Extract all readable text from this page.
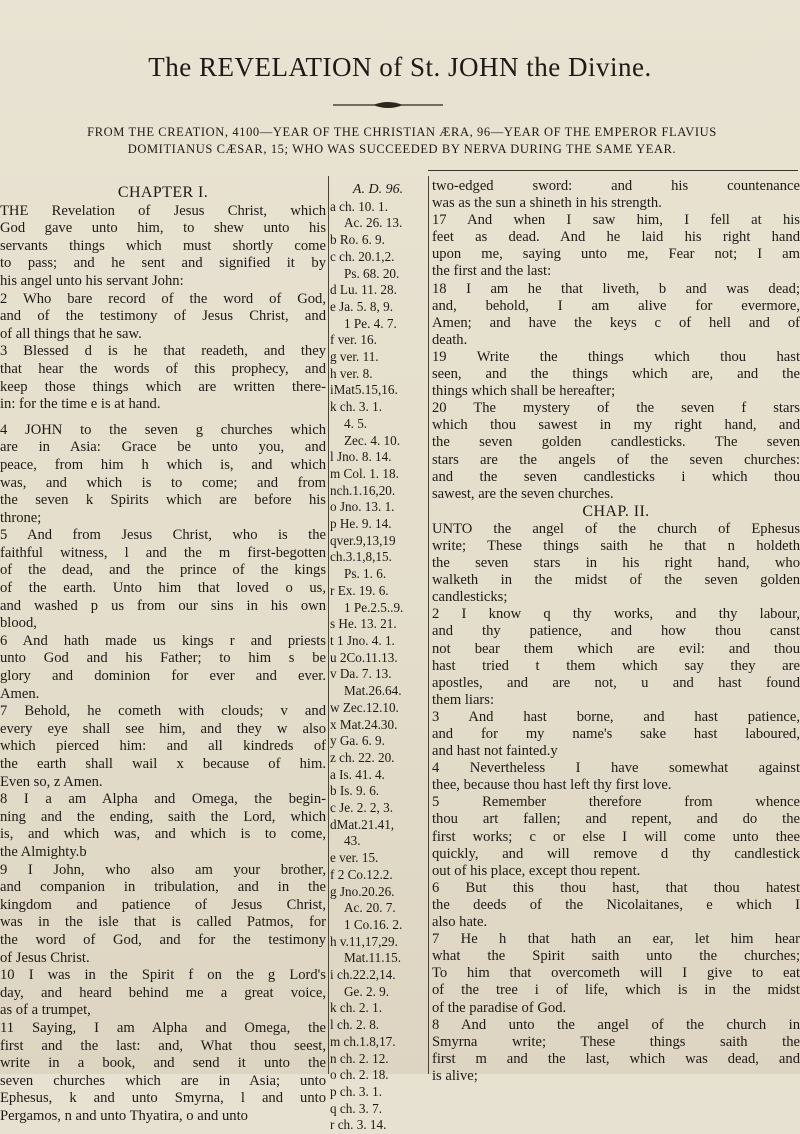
The REVELATION of St. JOHN the Divine.
FROM THE CREATION, 4100—YEAR OF THE CHRISTIAN ÆRA, 96—YEAR OF THE EMPEROR FLAVIUS
DOMITIANUS CÆSAR, 15; WHO WAS SUCCEEDED BY NERVA DURING THE SAME YEAR.
CHAPTER I.
THE Revelation of Jesus Christ, which
God gave unto him, to shew unto his
servants things which must shortly come
to pass; and he sent and signified it by
his angel unto his servant John:
2 Who bare record of the word of God,
and of the testimony of Jesus Christ, and
of all things that he saw.
3 Blessed d is he that readeth, and they
that hear the words of this prophecy, and
keep those things which are written there-
in: for the time e is at hand.
4 JOHN to the seven g churches which
are in Asia: Grace be unto you, and
peace, from him h which is, and which
was, and which is to come; and from
the seven k Spirits which are before his
throne;
5 And from Jesus Christ, who is the
faithful witness, l and the m first-begotten
of the dead, and the prince of the kings
of the earth. Unto him that loved o us,
and washed p us from our sins in his own
blood,
6 And hath made us kings r and priests
unto God and his Father; to him s be
glory and dominion for ever and ever.
Amen.
7 Behold, he cometh with clouds; v and
every eye shall see him, and they w also
which pierced him: and all kindreds of
the earth shall wail x because of him.
Even so, z Amen.
8 I a am Alpha and Omega, the begin-
ning and the ending, saith the Lord, which
is, and which was, and which is to come,
the Almighty.b
9 I John, who also am your brother,
and companion in tribulation, and in the
kingdom and patience of Jesus Christ,
was in the isle that is called Patmos, for
the word of God, and for the testimony
of Jesus Christ.
10 I was in the Spirit f on the g Lord's
day, and heard behind me a great voice,
as of a trumpet,
11 Saying, I am Alpha and Omega, the
first and the last: and, What thou seest,
write in a book, and send it unto the
seven churches which are in Asia; unto
Ephesus, k and unto Smyrna, l and unto
Pergamos, n and unto Thyatira, o and unto
A. D. 96.
a ch. 10. 1.
Ac. 26. 13.
b Ro. 6. 9.
c ch. 20.1,2.
Ps. 68. 20.
d Lu. 11. 28.
e Ja. 5. 8, 9.
1 Pe. 4. 7.
f ver. 16.
g ver. 11.
h ver. 8.
iMat5.15,16.
k ch. 3. 1.
4. 5.
Zec. 4. 10.
l Jno. 8. 14.
m Col. 1. 18.
nch.1.16,20.
o Jno. 13. 1.
p He. 9. 14.
qver.9,13,19
ch.3.1,8,15.
Ps. 1. 6.
r Ex. 19. 6.
1 Pe.2.5..9.
s He. 13. 21.
t 1 Jno. 4. 1.
u 2Co.11.13.
v Da. 7. 13.
Mat.26.64.
w Zec.12.10.
x Mat.24.30.
y Ga. 6. 9.
z ch. 22. 20.
a Is. 41. 4.
b Is. 9. 6.
c Je. 2. 2, 3.
dMat.21.41,
43.
e ver. 15.
f 2 Co.12.2.
g Jno.20.26.
Ac. 20. 7.
1 Co.16. 2.
h v.11,17,29.
Mat.11.15.
i ch.22.2,14.
Ge. 2. 9.
k ch. 2. 1.
l ch. 2. 8.
m ch.1.8,17.
n ch. 2. 12.
o ch. 2. 18.
p ch. 3. 1.
q ch. 3. 7.
r ch. 3. 14.
two-edged sword: and his countenance
was as the sun a shineth in his strength.
17 And when I saw him, I fell at his
feet as dead. And he laid his right hand
upon me, saying unto me, Fear not; I am
the first and the last:
18 I am he that liveth, b and was dead;
and, behold, I am alive for evermore,
Amen; and have the keys c of hell and of
death.
19 Write the things which thou hast
seen, and the things which are, and the
things which shall be hereafter;
20 The mystery of the seven f stars
which thou sawest in my right hand, and
the seven golden candlesticks. The seven
stars are the angels of the seven churches:
and the seven candlesticks i which thou
sawest, are the seven churches.
CHAP. II.
UNTO the angel of the church of Ephesus
write; These things saith he that n holdeth
the seven stars in his right hand, who
walketh in the midst of the seven golden
candlesticks;
2 I know q thy works, and thy labour,
and thy patience, and how thou canst
not bear them which are evil: and thou
hast tried t them which say they are
apostles, and are not, u and hast found
them liars:
3 And hast borne, and hast patience,
and for my name's sake hast laboured,
and hast not fainted.y
4 Nevertheless I have somewhat against
thee, because thou hast left thy first love.
5 Remember therefore from whence
thou art fallen; and repent, and do the
first works; c or else I will come unto thee
quickly, and will remove d thy candlestick
out of his place, except thou repent.
6 But this thou hast, that thou hatest
the deeds of the Nicolaitanes, e which I
also hate.
7 He h that hath an ear, let him hear
what the Spirit saith unto the churches;
To him that overcometh will I give to eat
of the tree i of life, which is in the midst
of the paradise of God.
8 And unto the angel of the church in
Smyrna write; These things saith the
first m and the last, which was dead, and
is alive;
